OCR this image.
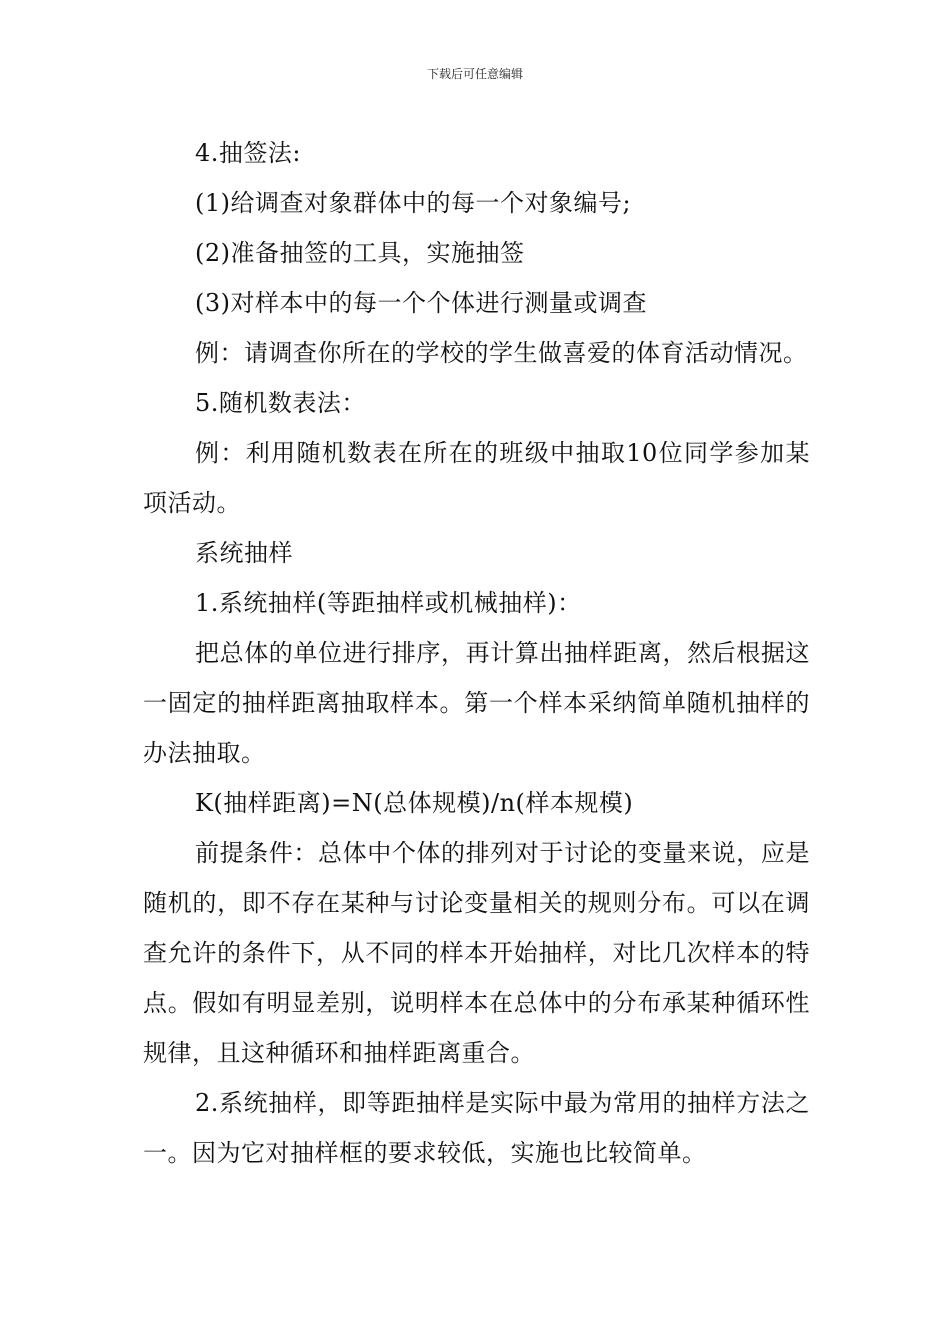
下载后可任意编辑

4.抽签法:

(1)给调查对象群体中的每一个对象编号;

(2)准备抽签的工具，实施抽签

(3)对样本中的每一个个体进行测量或调查

例：请调查你所在的学校的学生做喜爱的体育活动情况。

5.随机数表法：

例：利用随机数表在所在的班级中抽取10位同学参加某项活动。

系统抽样

1.系统抽样(等距抽样或机械抽样)：

把总体的单位进行排序，再计算出抽样距离，然后根据这一固定的抽样距离抽取样本。第一个样本采纳简单随机抽样的办法抽取。

K(抽样距离)=N(总体规模)/n(样本规模)

前提条件：总体中个体的排列对于讨论的变量来说，应是随机的，即不存在某种与讨论变量相关的规则分布。可以在调查允许的条件下，从不同的样本开始抽样，对比几次样本的特点。假如有明显差别，说明样本在总体中的分布承某种循环性规律，且这种循环和抽样距离重合。

2.系统抽样，即等距抽样是实际中最为常用的抽样方法之一。因为它对抽样框的要求较低，实施也比较简单。
